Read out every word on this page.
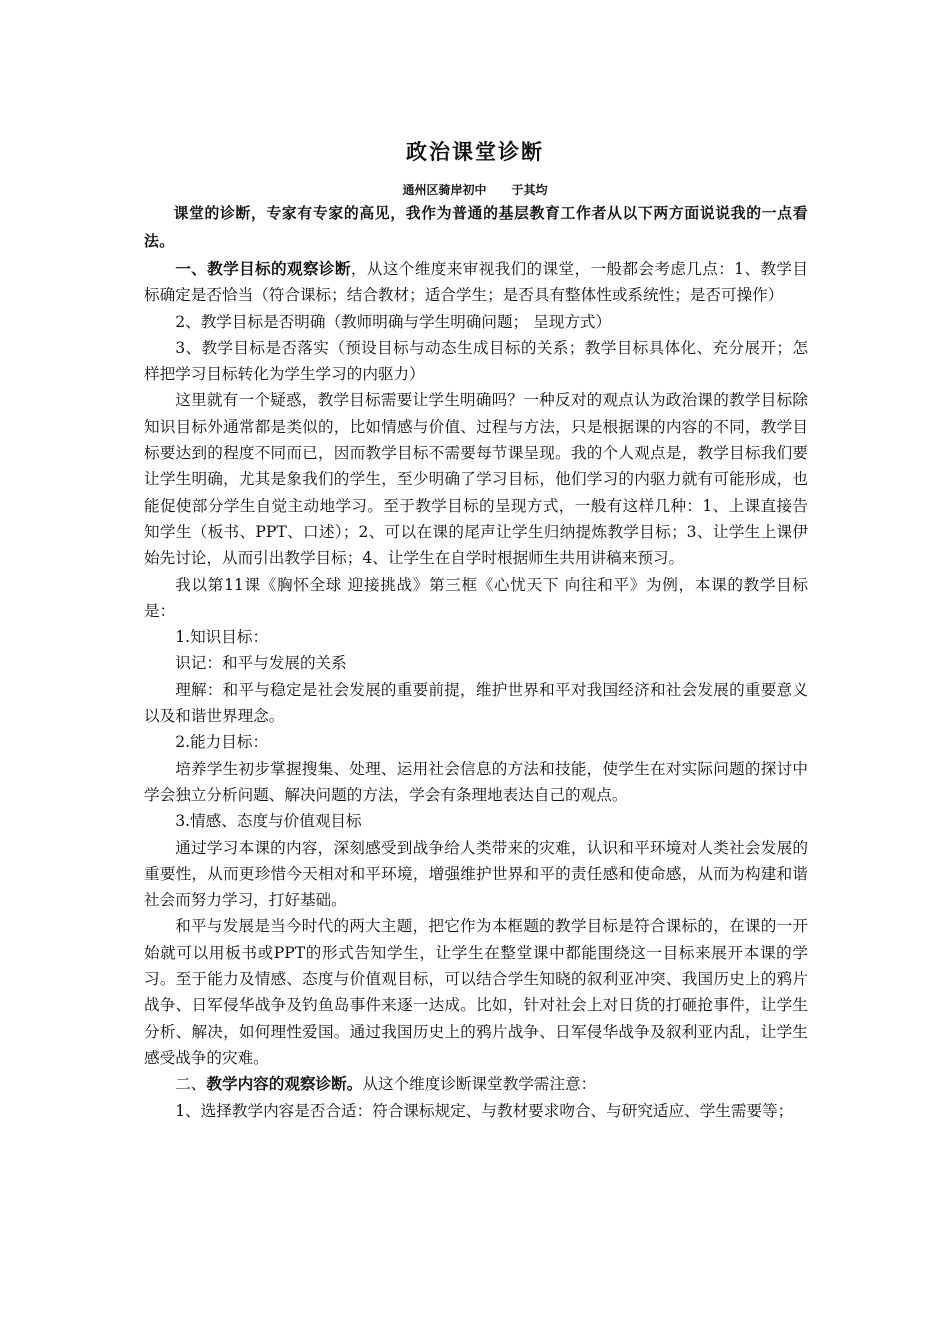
政治课堂诊断
通州区骑岸初中      于其均

课堂的诊断，专家有专家的高见，我作为普通的基层教育工作者从以下两方面说说我的一点看法。

一、教学目标的观察诊断，从这个维度来审视我们的课堂，一般都会考虑几点：1、教学目标确定是否恰当（符合课标；结合教材；适合学生；是否具有整体性或系统性；是否可操作）

2、教学目标是否明确（教师明确与学生明确问题； 呈现方式）

3、教学目标是否落实（预设目标与动态生成目标的关系；教学目标具体化、充分展开；怎样把学习目标转化为学生学习的内驱力）

这里就有一个疑惑，教学目标需要让学生明确吗？一种反对的观点认为政治课的教学目标除知识目标外通常都是类似的，比如情感与价值、过程与方法，只是根据课的内容的不同，教学目标要达到的程度不同而已，因而教学目标不需要每节课呈现。我的个人观点是，教学目标我们要让学生明确，尤其是象我们的学生，至少明确了学习目标，他们学习的内驱力就有可能形成，也能促使部分学生自觉主动地学习。至于教学目标的呈现方式，一般有这样几种：1、上课直接告知学生（板书、PPT、口述）；2、可以在课的尾声让学生归纳提炼教学目标；3、让学生上课伊始先讨论，从而引出教学目标；4、让学生在自学时根据师生共用讲稿来预习。

我以第11课《胸怀全球 迎接挑战》第三框《心忧天下 向往和平》为例，本课的教学目标是：

1.知识目标：

识记：和平与发展的关系

理解：和平与稳定是社会发展的重要前提，维护世界和平对我国经济和社会发展的重要意义以及和谐世界理念。

2.能力目标：

培养学生初步掌握搜集、处理、运用社会信息的方法和技能，使学生在对实际问题的探讨中学会独立分析问题、解决问题的方法，学会有条理地表达自己的观点。

3.情感、态度与价值观目标

通过学习本课的内容，深刻感受到战争给人类带来的灾难，认识和平环境对人类社会发展的重要性，从而更珍惜今天相对和平环境，增强维护世界和平的责任感和使命感，从而为构建和谐社会而努力学习，打好基础。

和平与发展是当今时代的两大主题，把它作为本框题的教学目标是符合课标的，在课的一开始就可以用板书或PPT的形式告知学生，让学生在整堂课中都能围绕这一目标来展开本课的学习。至于能力及情感、态度与价值观目标，可以结合学生知晓的叙利亚冲突、我国历史上的鸦片战争、日军侵华战争及钓鱼岛事件来逐一达成。比如，针对社会上对日货的打砸抢事件，让学生分析、解决，如何理性爱国。通过我国历史上的鸦片战争、日军侵华战争及叙利亚内乱，让学生感受战争的灾难。

二、教学内容的观察诊断。从这个维度诊断课堂教学需注意：

1、选择教学内容是否合适：符合课标规定、与教材要求吻合、与研究适应、学生需要等；
